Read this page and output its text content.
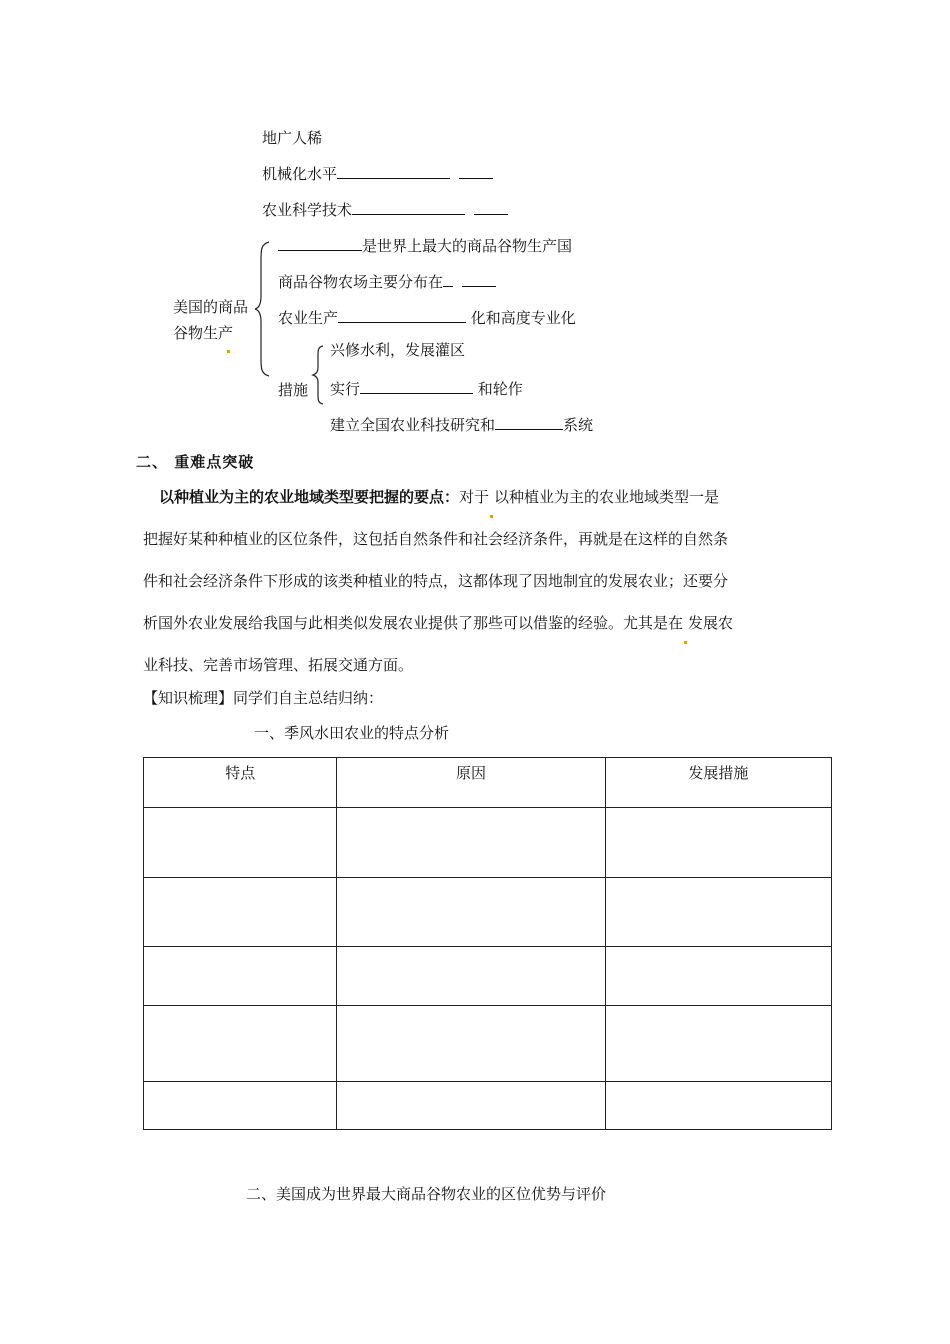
地广人稀
机械化水平
农业科学技术
美国的商品
谷物生产
是世界上最大的商品谷物生产国
商品谷物农场主要分布在
农业生产	化和高度专业化
措施
兴修水利，发展灌区
实行	和轮作
建立全国农业科技研究和	系统
二、 重难点突破

以种植业为主的农业地域类型要把握的要点：对于 以种植业为主的农业地域类型一是

把握好某种种植业的区位条件，这包括自然条件和社会经济条件，再就是在这样的自然条

件和社会经济条件下形成的该类种植业的特点，这都体现了因地制宜的发展农业；还要分

析国外农业发展给我国与此相类似发展农业提供了那些可以借鉴的经验。尤其是在 发展农

业科技、完善市场管理、拓展交通方面。

【知识梳理】同学们自主总结归纳：
一、季风水田农业的特点分析
特点	原因	发展措施

二、美国成为世界最大商品谷物农业的区位优势与评价
